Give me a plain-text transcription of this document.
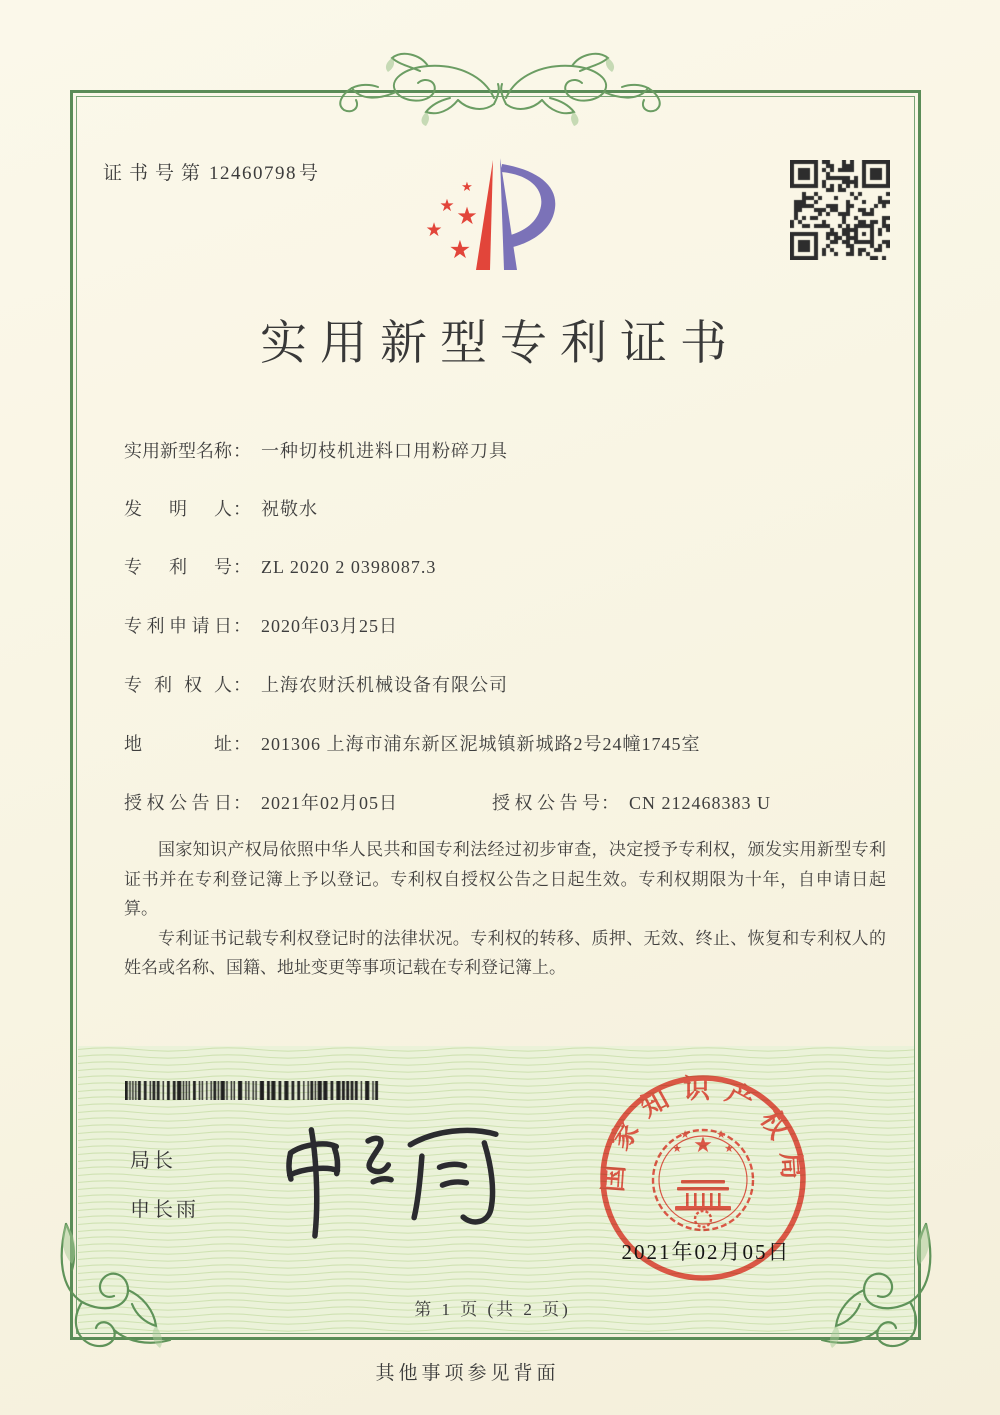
证书号第 12460798 号
★
★ ★
★
★
实用新型专利证书
实用新型名称： 一种切枝机进料口用粉碎刀具
发明人： 祝敬水
专利号： ZL 2020 2 0398087.3
专利申请日： 2020年03月25日
专利权人： 上海农财沃机械设备有限公司
地址： 201306 上海市浦东新区泥城镇新城路2号24幢1745室
授权公告日： 2021年02月05日	授权公告号： CN 212468383 U

国家知识产权局依照中华人民共和国专利法经过初步审查，决定授予专利权，颁发实用新型专利证书并在专利登记簿上予以登记。专利权自授权公告之日起生效。专利权期限为十年，自申请日起算。

专利证书记载专利权登记时的法律状况。专利权的转移、质押、无效、终止、恢复和专利权人的姓名或名称、国籍、地址变更等事项记载在专利登记簿上。

局长
申长雨
国家知识产权局
★
★ ★
★	★
2021年02月05日
第 1 页 (共 2 页)
其他事项参见背面
